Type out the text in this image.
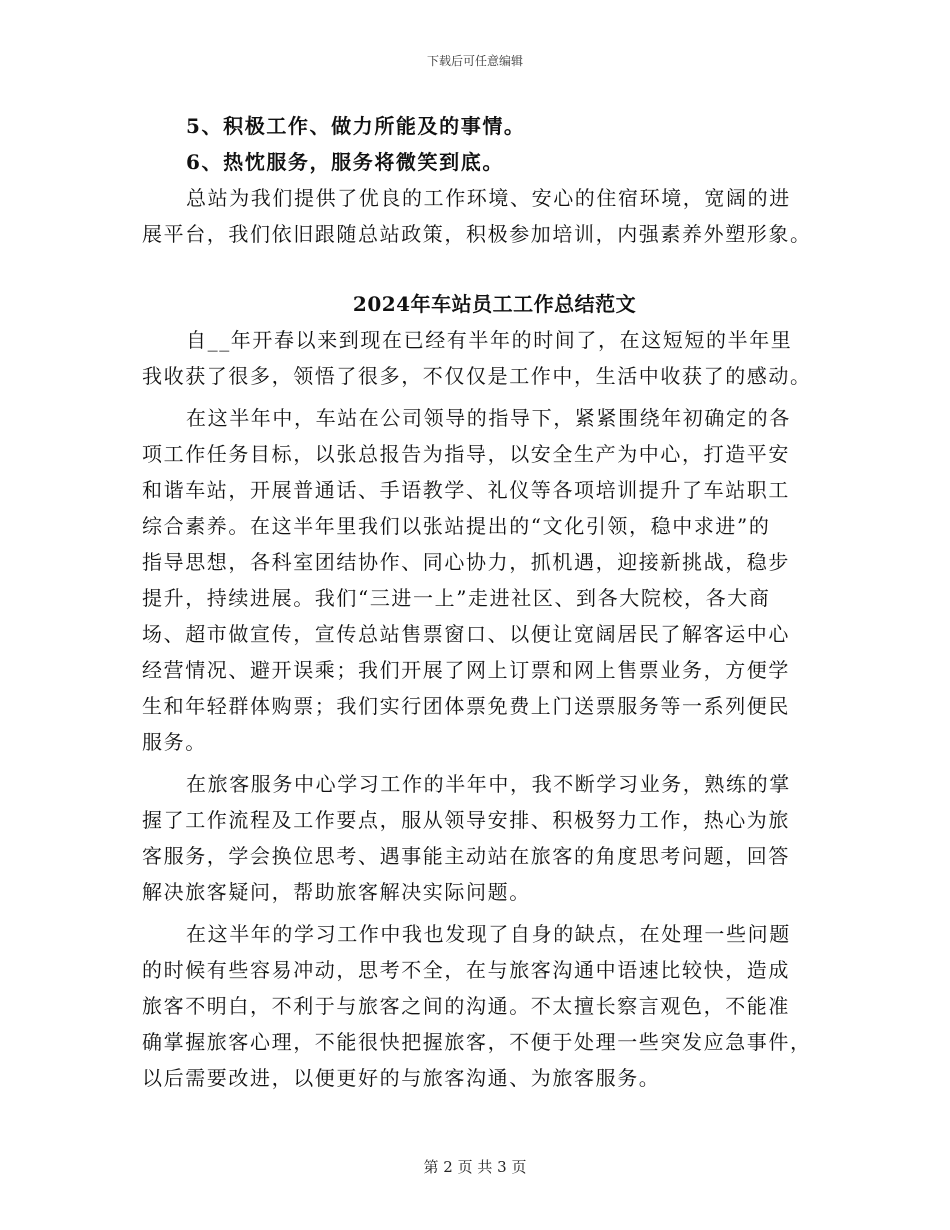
下载后可任意编辑
5、积极工作、做力所能及的事情。
6、热忱服务，服务将微笑到底。
总站为我们提供了优良的工作环境、安心的住宿环境，宽阔的进
展平台，我们依旧跟随总站政策，积极参加培训，内强素养外塑形象。
2024年车站员工工作总结范文
自__年开春以来到现在已经有半年的时间了，在这短短的半年里
我收获了很多，领悟了很多，不仅仅是工作中，生活中收获了的感动。
在这半年中，车站在公司领导的指导下，紧紧围绕年初确定的各
项工作任务目标，以张总报告为指导，以安全生产为中心，打造平安
和谐车站，开展普通话、手语教学、礼仪等各项培训提升了车站职工
综合素养。在这半年里我们以张站提出的“文化引领，稳中求进”的
指导思想，各科室团结协作、同心协力，抓机遇，迎接新挑战，稳步
提升，持续进展。我们“三进一上”走进社区、到各大院校，各大商
场、超市做宣传，宣传总站售票窗口、以便让宽阔居民了解客运中心
经营情况、避开误乘；我们开展了网上订票和网上售票业务，方便学
生和年轻群体购票；我们实行团体票免费上门送票服务等一系列便民
服务。
在旅客服务中心学习工作的半年中，我不断学习业务，熟练的掌
握了工作流程及工作要点，服从领导安排、积极努力工作，热心为旅
客服务，学会换位思考、遇事能主动站在旅客的角度思考问题，回答
解决旅客疑问，帮助旅客解决实际问题。
在这半年的学习工作中我也发现了自身的缺点，在处理一些问题
的时候有些容易冲动，思考不全，在与旅客沟通中语速比较快，造成
旅客不明白，不利于与旅客之间的沟通。不太擅长察言观色，不能准
确掌握旅客心理，不能很快把握旅客，不便于处理一些突发应急事件，
以后需要改进，以便更好的与旅客沟通、为旅客服务。
第 2 页 共 3 页
